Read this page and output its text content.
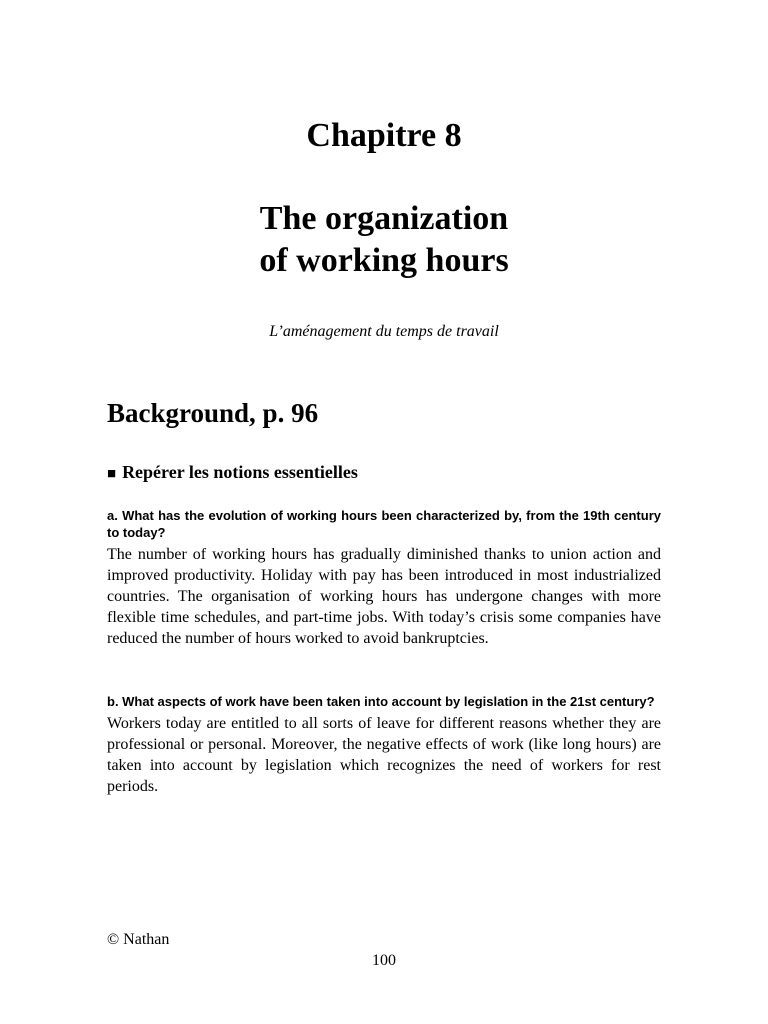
Chapitre 8
The organization
of working hours
L’aménagement du temps de travail
Background, p. 96
■ Repérer les notions essentielles

a. What has the evolution of working hours been characterized by, from the 19th century to today?

The number of working hours has gradually diminished thanks to union action and improved productivity. Holiday with pay has been introduced in most industrialized countries. The organisation of working hours has undergone changes with more flexible time schedules, and part-time jobs. With today’s crisis some companies have reduced the number of hours worked to avoid bankruptcies.

b. What aspects of work have been taken into account by legislation in the 21st century?

Workers today are entitled to all sorts of leave for different reasons whether they are professional or personal. Moreover, the negative effects of work (like long hours) are taken into account by legislation which recognizes the need of workers for rest periods.

© Nathan
100
